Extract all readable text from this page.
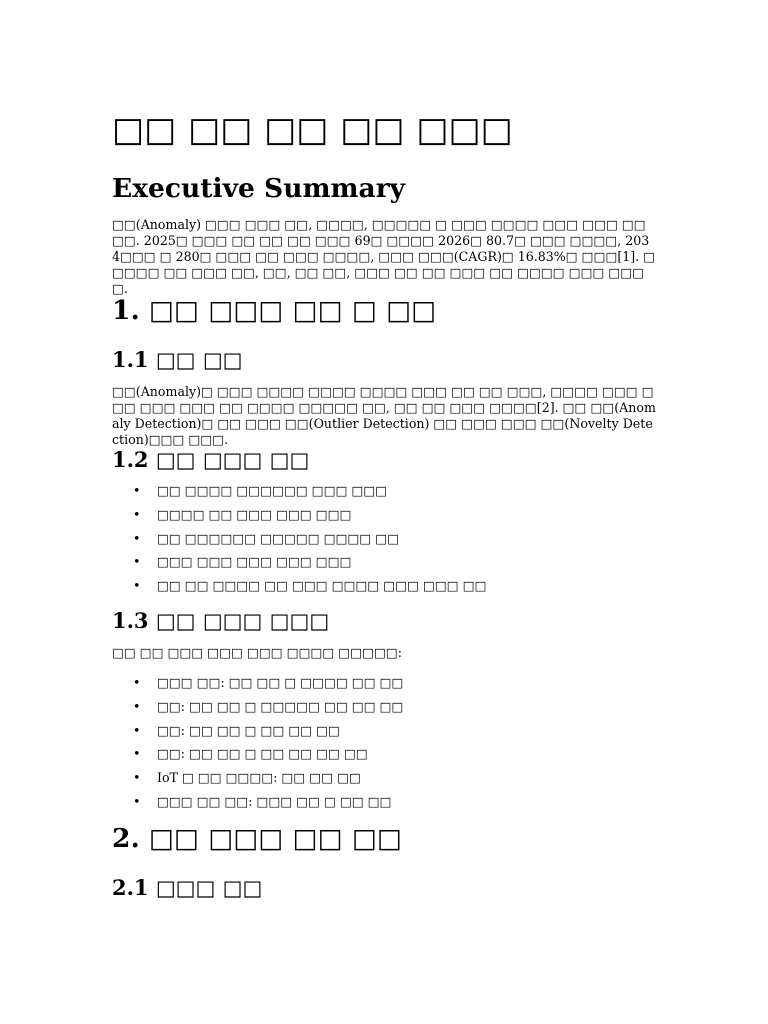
□□ □□ □□ □□ □□□
Executive Summary

□□(Anomaly) □□□ □□□ □□, □□□□, □□□□□ □ □□□ □□□□ □□□ □□□ □□ □□. 2025□ □□□ □□ □□ □□ □□□ 69□ □□□□ 2026□ 80.7□ □□□ □□□□, 2034□□□ □ 280□ □□□ □□ □□□ □□□□, □□□ □□□(CAGR)□ 16.83%□ □□□[1]. □ □□□□ □□ □□□ □□, □□, □□ □□, □□□ □□ □□ □□□ □□ □□□□ □□□ □□□□.

1. □□ □□□ □□ □ □□
1.1 □□ □□

□□(Anomaly)□ □□□ □□□□ □□□□ □□□□ □□□ □□ □□ □□□, □□□□ □□□ □□□ □□□ □□□ □□ □□□□ □□□□□ □□, □□ □□ □□□ □□□□[2]. □□ □□(Anomaly Detection)□ □□ □□□ □□(Outlier Detection) □□ □□□ □□□ □□(Novelty Detection)□□□ □□□.

1.2 □□ □□□ □□
• □□ □□□□ □□□□□□ □□□ □□□
• □□□□ □□ □□□ □□□ □□□
• □□ □□□□□□ □□□□□ □□□□ □□
• □□□ □□□ □□□ □□□ □□□
• □□ □□ □□□□ □□ □□□ □□□□ □□□ □□□ □□
1.3 □□ □□□ □□□

□□ □□ □□□ □□□ □□□ □□□□ □□□□□:

• □□□ □□: □□ □□ □ □□□□ □□ □□
• □□: □□ □□ □ □□□□□ □□ □□ □□
• □□: □□ □□ □ □□ □□ □□
• □□: □□ □□ □ □□ □□ □□ □□
• IoT □ □□ □□□□: □□ □□ □□
• □□□ □□ □□: □□□ □□ □ □□ □□
2. □□ □□□ □□ □□
2.1 □□□ □□
